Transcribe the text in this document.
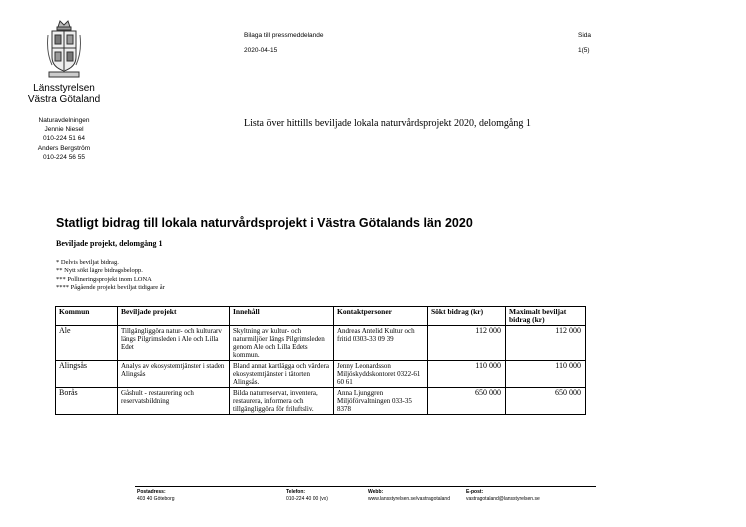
Länsstyrelsen
Västra Götaland
Naturavdelningen
Jennie Niesel
010-224 51 64
Anders Bergström
010-224 56 55
Bilaga till pressmeddelande
2020-04-15
Sida
1(5)
Lista över hittills beviljade lokala naturvårdsprojekt 2020, delomgång 1
Statligt bidrag till lokala naturvårdsprojekt i Västra Götalands län 2020
Beviljade projekt, delomgång 1
* Delvis beviljat bidrag.
** Nytt sökt lägre bidragsbelopp.
*** Pollineringsprojekt inom LONA
**** Pågående projekt beviljat tidigare år
Kommun	Beviljade projekt	Innehåll	Kontaktpersoner	Sökt bidrag (kr)	Maximalt beviljat bidrag (kr)
Ale	Tillgängliggöra natur- och kulturarv längs Pilgrimsleden i Ale och Lilla Edet	Skyltning av kultur- och naturmiljöer längs Pilgrimsleden genom Ale och Lilla Edets kommun.	Andreas Antelid Kultur och fritid 0303-33 09 39	112 000	112 000
Alingsås	Analys av ekosystemtjänster i staden Alingsås	Bland annat kartlägga och värdera ekosystemtjänster i tätorten Alingsås.	Jenny Leonardsson Miljöskyddskontoret 0322-61 60 61	110 000	110 000
Borås	Gåshult - restaurering och reservatsbildning	Bilda naturreservat, inventera, restaurera, informera och tillgängliggöra för friluftsliv.	Anna Ljunggren Miljöförvaltningen 033-35 8378	650 000	650 000
Postadress:
403 40 Göteborg
Telefon:
010-224 40 00 (vx)
Webb:
www.lansstyrelsen.se/vastragotaland
E-post:
vastragotaland@lansstyrelsen.se
